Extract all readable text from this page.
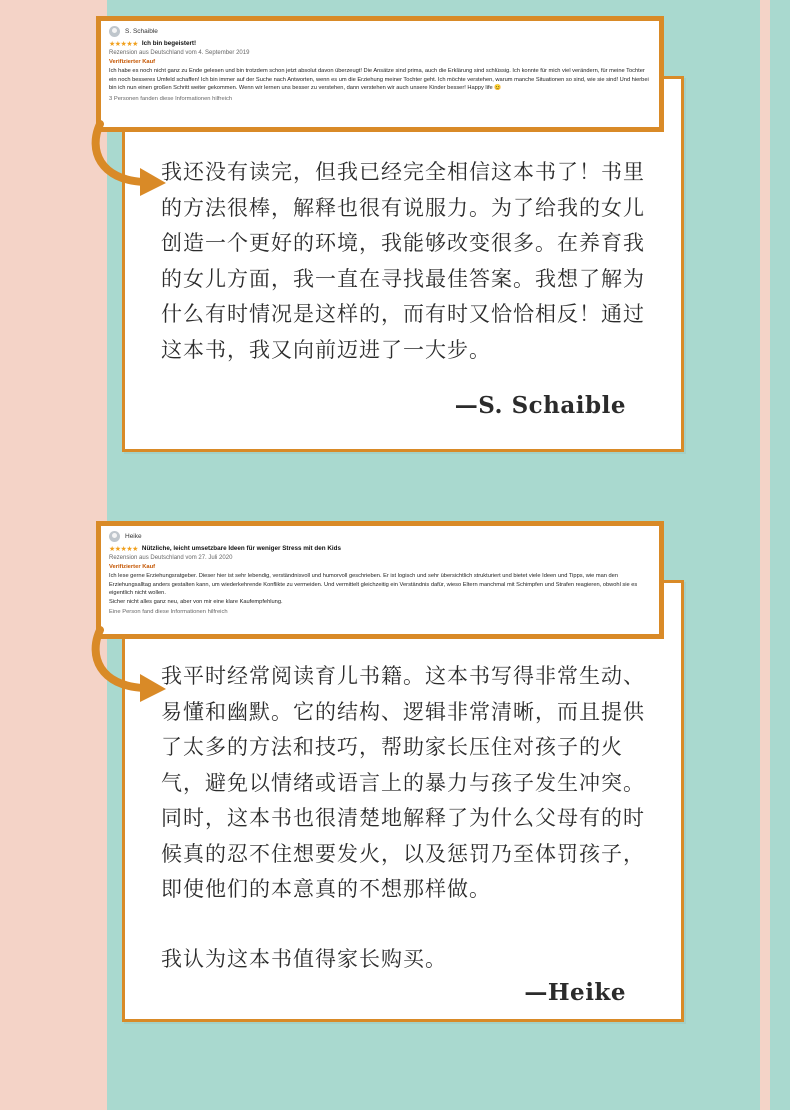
我还没有读完，但我已经完全相信这本书了！书里的方法很棒，解释也很有说服力。为了给我的女儿创造一个更好的环境，我能够改变很多。在养育我的女儿方面，我一直在寻找最佳答案。我想了解为什么有时情况是这样的，而有时又恰恰相反！通过这本书，我又向前迈进了一大步。
—S. Schaible
S. Schaible
★★★★★ Ich bin begeistert!
Rezension aus Deutschland vom 4. September 2019
Verifizierter Kauf
Ich habe es noch nicht ganz zu Ende gelesen und bin trotzdem schon jetzt absolut davon überzeugt! Die Ansätze sind prima, auch die Erklärung sind schlüssig. Ich konnte für mich viel verändern, für meine Tochter ein noch besseres Umfeld schaffen! Ich bin immer auf der Suche nach Antworten, wenn es um die Erziehung meiner Tochter geht. Ich möchte verstehen, warum manche Situationen so sind, wie sie sind! Und hierbei bin ich nun einen großen Schritt weiter gekommen. Wenn wir lernen uns besser zu verstehen, dann verstehen wir auch unsere Kinder besser! Happy life 😊
3 Personen fanden diese Informationen hilfreich
我平时经常阅读育儿书籍。这本书写得非常生动、易懂和幽默。它的结构、逻辑非常清晰，而且提供了太多的方法和技巧，帮助家长压住对孩子的火气，避免以情绪或语言上的暴力与孩子发生冲突。同时，这本书也很清楚地解释了为什么父母有的时候真的忍不住想要发火，以及惩罚乃至体罚孩子，即使他们的本意真的不想那样做。
我认为这本书值得家长购买。
—Heike
Heike
★★★★★ Nützliche, leicht umsetzbare Ideen für weniger Stress mit den Kids
Rezension aus Deutschland vom 27. Juli 2020
Verifizierter Kauf
Ich lese gerne Erziehungsratgeber. Dieser hier ist sehr lebendig, verständnisvoll und humorvoll geschrieben. Er ist logisch und sehr übersichtlich strukturiert und bietet viele Ideen und Tipps, wie man den Erziehungsalltag anders gestalten kann, um wiederkehrende Konflikte zu vermeiden. Und vermittelt gleichzeitig ein Verständnis dafür, wieso Eltern manchmal mit Schimpfen und Strafen reagieren, obwohl sie es eigentlich nicht wollen.
Sicher nicht alles ganz neu, aber von mir eine klare Kaufempfehlung.
Eine Person fand diese Informationen hilfreich
